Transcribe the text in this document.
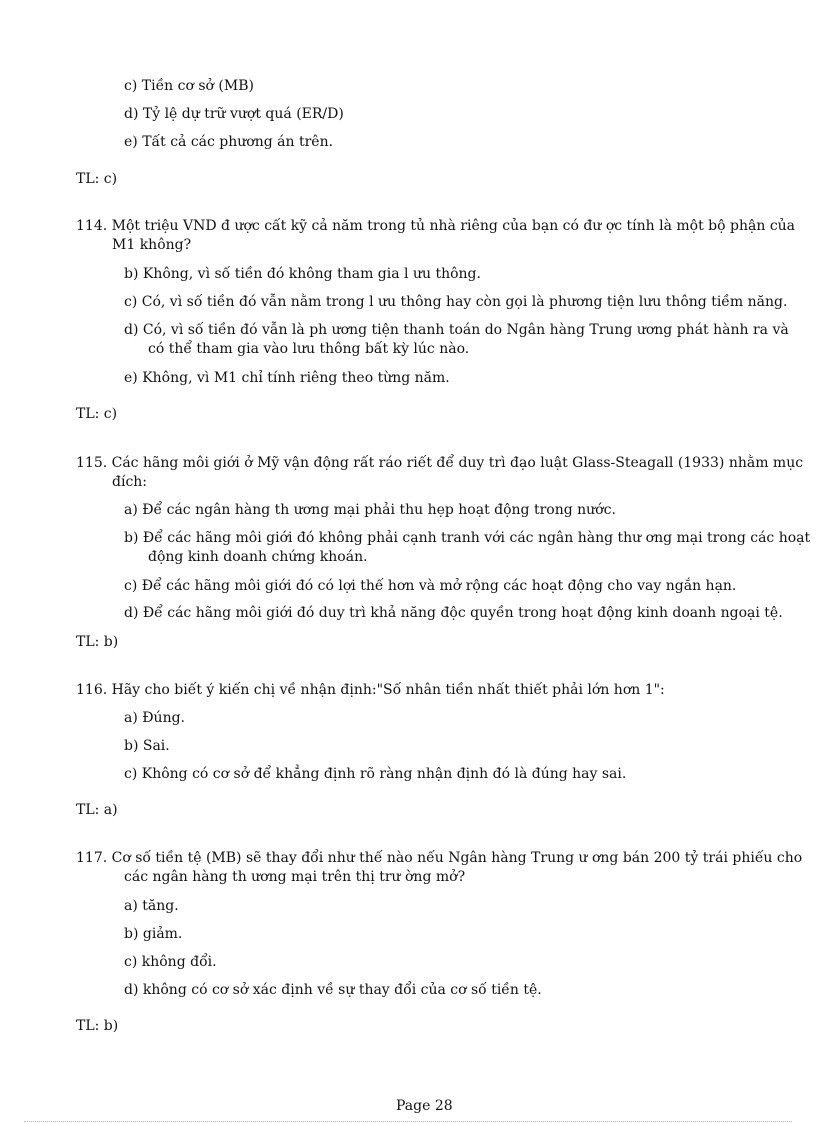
c) Tiền cơ sở (MB)
d) Tỷ lệ dự trữ vượt quá (ER/D)
e) Tất cả các phương án trên.
TL: c)
114. Một triệu VND đ ược cất kỹ cả năm trong tủ nhà riêng của bạn có đư ợc tính là một bộ phận của
M1 không?
b) Không, vì số tiền đó không tham gia l ưu thông.
c) Có, vì số tiền đó vẫn nằm trong l ưu thông hay còn gọi là phương tiện lưu thông tiềm năng.
d) Có, vì số tiền đó vẫn là ph ương tiện thanh toán do Ngân hàng Trung ương phát hành ra và
có thể tham gia vào lưu thông bất kỳ lúc nào.
e) Không, vì M1 chỉ tính riêng theo từng năm.
TL: c)
115. Các hãng môi giới ở Mỹ vận động rất ráo riết để duy trì đạo luật Glass-Steagall (1933) nhằm mục
đích:
a) Để các ngân hàng th ương mại phải thu hẹp hoạt động trong nước.
b) Để các hãng môi giới đó không phải cạnh tranh với các ngân hàng thư ơng mại trong các hoạt
động kinh doanh chứng khoán.
c) Để các hãng môi giới đó có lợi thế hơn và mở rộng các hoạt động cho vay ngắn hạn.
d) Để các hãng môi giới đó duy trì khả năng độc quyền trong hoạt động kinh doanh ngoại tệ.
TL: b)
116. Hãy cho biết ý kiến chị về nhận định:"Số nhân tiền nhất thiết phải lớn hơn 1":
a) Đúng.
b) Sai.
c) Không có cơ sở để khẳng định rõ ràng nhận định đó là đúng hay sai.
TL: a)
117. Cơ số tiền tệ (MB) sẽ thay đổi như thế nào nếu Ngân hàng Trung ư ơng bán 200 tỷ trái phiếu cho
các ngân hàng th ương mại trên thị trư ờng mở?
a) tăng.
b) giảm.
c) không đổi.
d) không có cơ sở xác định về sự thay đổi của cơ số tiền tệ.
TL: b)
Page 28
